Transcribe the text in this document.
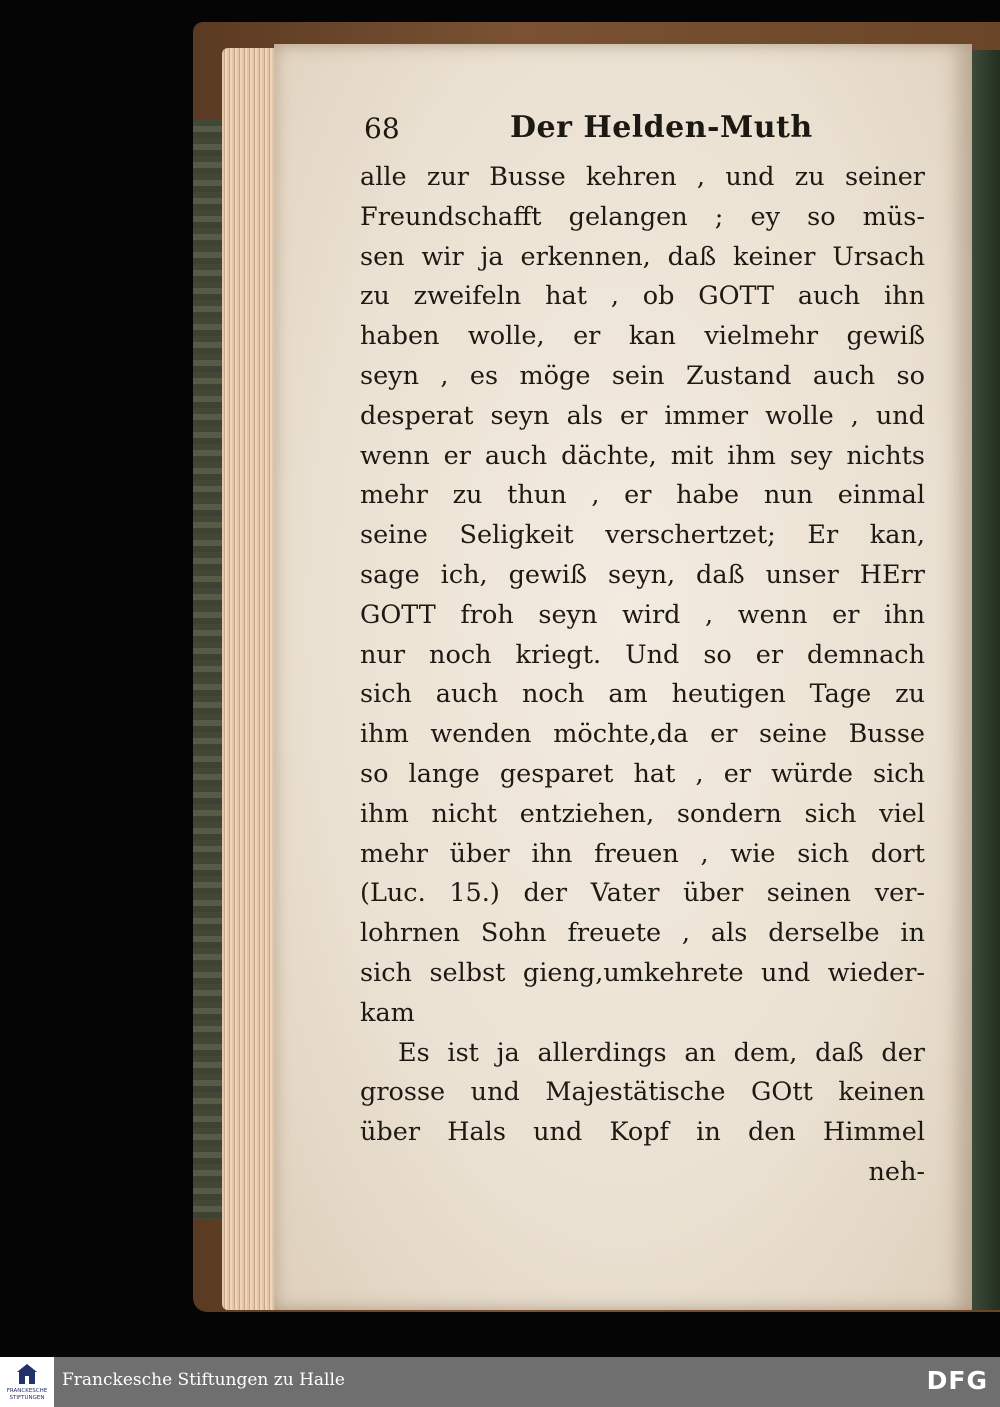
68	Der Helden-Muth
alle zur Busse kehren , und zu seiner
Freundschafft gelangen ; ey so müs-
sen wir ja erkennen, daß keiner Ursach
zu zweifeln hat , ob GOTT auch ihn
haben wolle, er kan vielmehr gewiß
seyn , es möge sein Zustand auch so
desperat seyn als er immer wolle , und
wenn er auch dächte, mit ihm sey nichts
mehr zu thun , er habe nun einmal
seine Seligkeit verschertzet; Er kan,
sage ich, gewiß seyn, daß unser HErr
GOTT froh seyn wird , wenn er ihn
nur noch kriegt. Und so er demnach
sich auch noch am heutigen Tage zu
ihm wenden möchte,da er seine Busse
so lange gesparet hat , er würde sich
ihm nicht entziehen, sondern sich viel
mehr über ihn freuen , wie sich dort
(Luc. 15.) der Vater über seinen ver-
lohrnen Sohn freuete , als derselbe in
sich selbst gieng,umkehrete und wieder-
kam
Es ist ja allerdings an dem, daß der
grosse und Majestätische GOtt keinen
über Hals und Kopf in den Himmel
neh-
FRANCKESCHE STIFTUNGEN
Franckesche Stiftungen zu Halle	DFG
